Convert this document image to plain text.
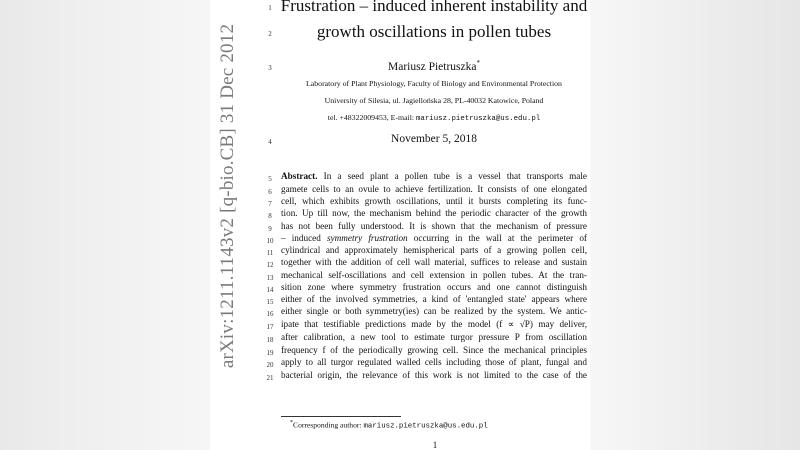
arXiv:1211.1143v2 [q-bio.CB] 31 Dec 2012
1
2
3
4
5
6
7
8
9
10
11
12
13
14
15
16
17
18
19
20
21
Frustration – induced inherent instability and
growth oscillations in pollen tubes
Mariusz Pietruszka*
Laboratory of Plant Physiology, Faculty of Biology and Environmental Protection
University of Silesia, ul. Jagiellońska 28, PL-40032 Katowice, Poland
tel. +48322009453, E-mail: mariusz.pietruszka@us.edu.pl
November 5, 2018
Abstract. In a seed plant a pollen tube is a vessel that transports male
gamete cells to an ovule to achieve fertilization. It consists of one elongated
cell, which exhibits growth oscillations, until it bursts completing its func-
tion. Up till now, the mechanism behind the periodic character of the growth
has not been fully understood. It is shown that the mechanism of pressure
– induced symmetry frustration occurring in the wall at the perimeter of
cylindrical and approximately hemispherical parts of a growing pollen cell,
together with the addition of cell wall material, suffices to release and sustain
mechanical self-oscillations and cell extension in pollen tubes. At the tran-
sition zone where symmetry frustration occurs and one cannot distinguish
either of the involved symmetries, a kind of 'entangled state' appears where
either single or both symmetry(ies) can be realized by the system. We antic-
ipate that testifiable predictions made by the model (f ∝ √P) may deliver,
after calibration, a new tool to estimate turgor pressure P from oscillation
frequency f of the periodically growing cell. Since the mechanical principles
apply to all turgor regulated walled cells including those of plant, fungal and
bacterial origin, the relevance of this work is not limited to the case of the
*Corresponding author: mariusz.pietruszka@us.edu.pl
1
